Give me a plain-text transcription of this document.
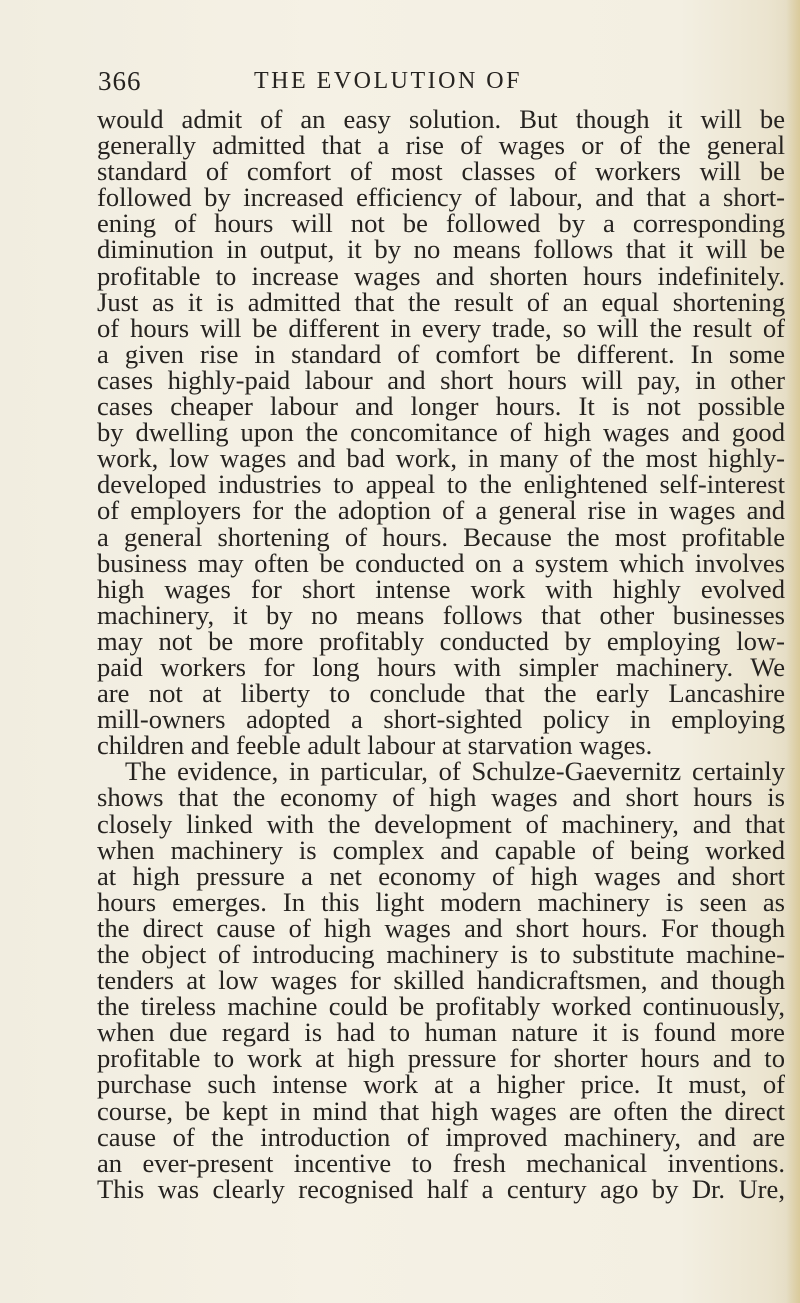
366	THE EVOLUTION OF
would admit of an easy solution. But though it will be
generally admitted that a rise of wages or of the general
standard of comfort of most classes of workers will be
followed by increased efficiency of labour, and that a short-
ening of hours will not be followed by a corresponding
diminution in output, it by no means follows that it will be
profitable to increase wages and shorten hours indefinitely.
Just as it is admitted that the result of an equal shortening
of hours will be different in every trade, so will the result of
a given rise in standard of comfort be different. In some
cases highly-paid labour and short hours will pay, in other
cases cheaper labour and longer hours. It is not possible
by dwelling upon the concomitance of high wages and good
work, low wages and bad work, in many of the most highly-
developed industries to appeal to the enlightened self-interest
of employers for the adoption of a general rise in wages and
a general shortening of hours. Because the most profitable
business may often be conducted on a system which involves
high wages for short intense work with highly evolved
machinery, it by no means follows that other businesses
may not be more profitably conducted by employing low-
paid workers for long hours with simpler machinery. We
are not at liberty to conclude that the early Lancashire
mill-owners adopted a short-sighted policy in employing
children and feeble adult labour at starvation wages.
The evidence, in particular, of Schulze-Gaevernitz certainly
shows that the economy of high wages and short hours is
closely linked with the development of machinery, and that
when machinery is complex and capable of being worked
at high pressure a net economy of high wages and short
hours emerges. In this light modern machinery is seen as
the direct cause of high wages and short hours. For though
the object of introducing machinery is to substitute machine-
tenders at low wages for skilled handicraftsmen, and though
the tireless machine could be profitably worked continuously,
when due regard is had to human nature it is found more
profitable to work at high pressure for shorter hours and to
purchase such intense work at a higher price. It must, of
course, be kept in mind that high wages are often the direct
cause of the introduction of improved machinery, and are
an ever-present incentive to fresh mechanical inventions.
This was clearly recognised half a century ago by Dr. Ure,
